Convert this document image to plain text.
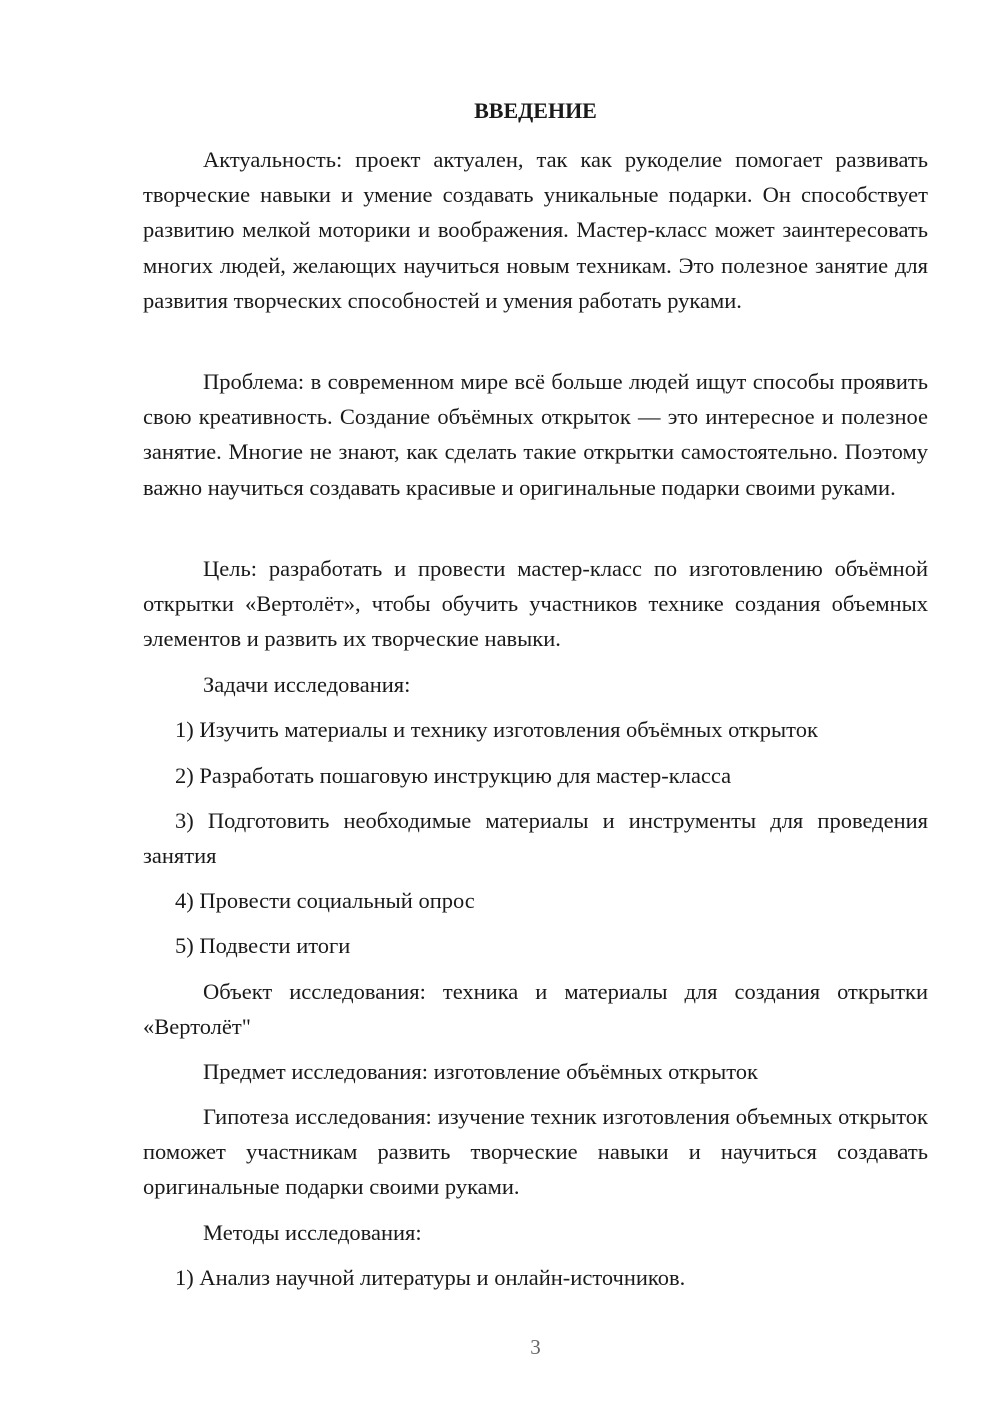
ВВЕДЕНИЕ

Актуальность: проект актуален, так как рукоделие помогает развивать творческие навыки и умение создавать уникальные подарки. Он способствует развитию мелкой моторики и воображения. Мастер-класс может заинтересовать многих людей, желающих научиться новым техникам. Это полезное занятие для развития творческих способностей и умения работать руками.

Проблема: в современном мире всё больше людей ищут способы проявить свою креативность. Создание объёмных открыток — это интересное и полезное занятие. Многие не знают, как сделать такие открытки самостоятельно. Поэтому важно научиться создавать красивые и оригинальные подарки своими руками.

Цель: разработать и провести мастер-класс по изготовлению объёмной открытки «Вертолёт», чтобы обучить участников технике создания объемных элементов и развить их творческие навыки.

Задачи исследования:

1) Изучить материалы и технику изготовления объёмных открыток

2) Разработать пошаговую инструкцию для мастер-класса

3) Подготовить необходимые материалы и инструменты для проведения занятия

4) Провести социальный опрос

5) Подвести итоги

Объект исследования: техника и материалы для создания открытки «Вертолёт"

Предмет исследования: изготовление объёмных открыток

Гипотеза исследования: изучение техник изготовления объемных открыток поможет участникам развить творческие навыки и научиться создавать оригинальные подарки своими руками.

Методы исследования:

1) Анализ научной литературы и онлайн-источников.

3
